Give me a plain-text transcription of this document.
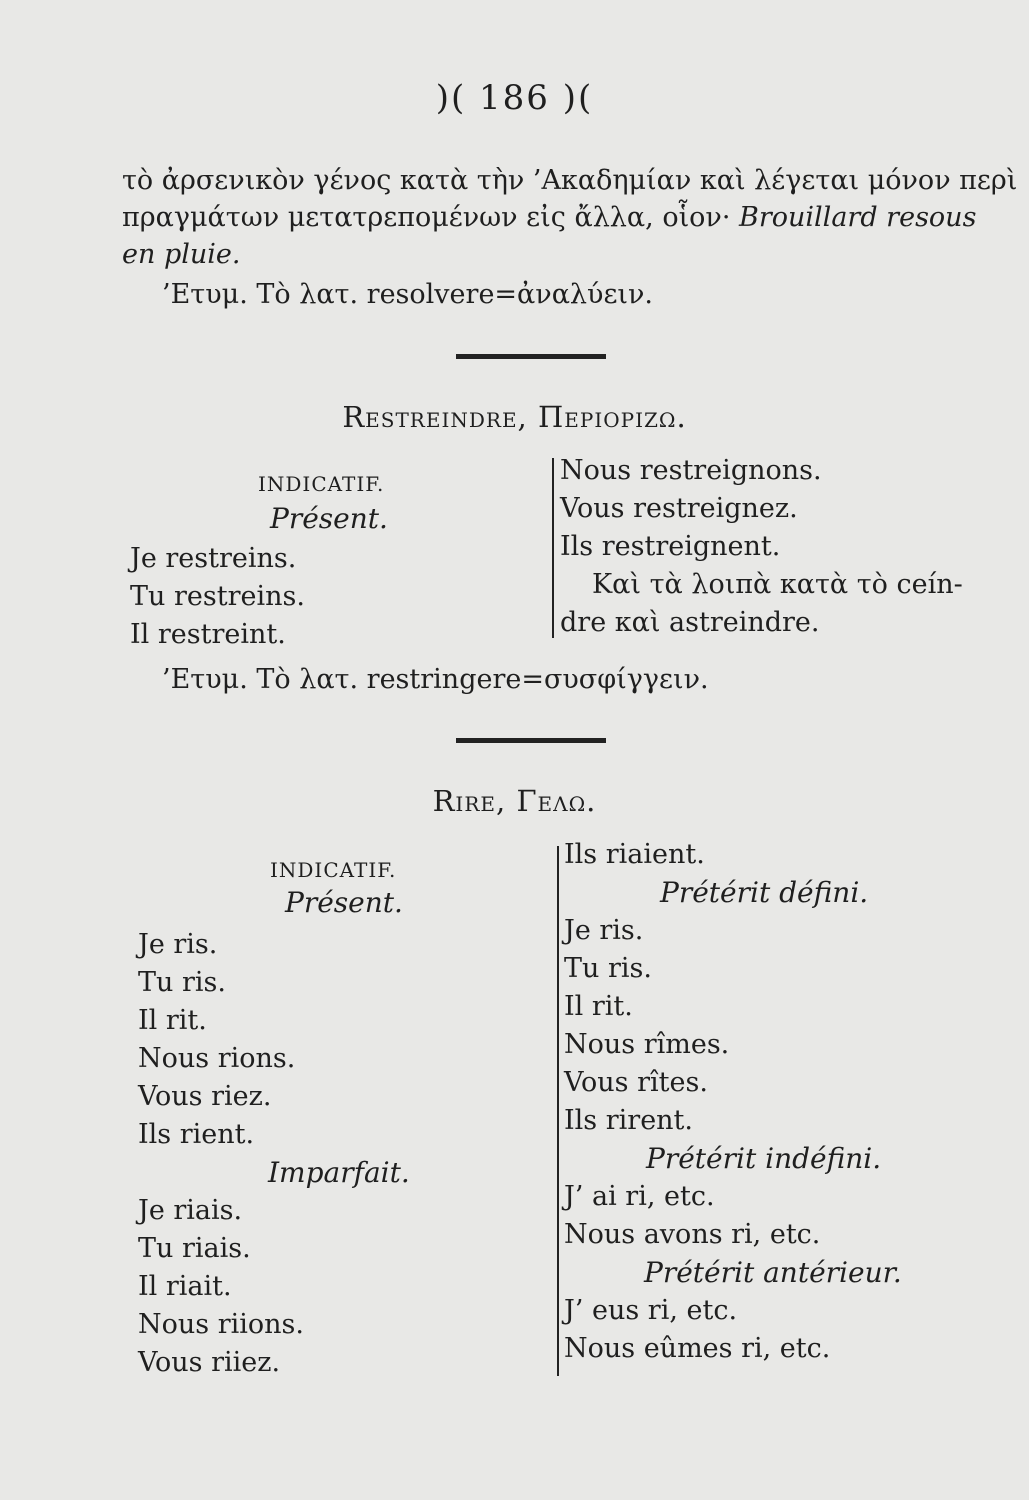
)( 186 )(
τὸ ἀρσενικὸν γένος κατὰ τὴν ’Ακαδημίαν καὶ λέγεται μόνον περὶ
πραγμάτων μετατρεπομένων εἰς ἄλλα, οἷον· Brouillard resous
en pluie.
’Ετυμ. Τὸ λατ. resolvere=ἀναλύειν.
Restreindre, Περιοριζω.
INDICATIF.
Présent.
Je restreins.
Tu restreins.
Il restreint.
Nous restreignons.
Vous restreignez.
Ils restreignent.
Καὶ τὰ λοιπὰ κατὰ τὸ ceín-
dre καὶ astreindre.
’Ετυμ. Τὸ λατ. restringere=συσφίγγειν.
Rire, Γελω.
INDICATIF.
Présent.
Je ris.
Tu ris.
Il rit.
Nous rions.
Vous riez.
Ils rient.
Imparfait.
Je riais.
Tu riais.
Il riait.
Nous riions.
Vous riiez.
Ils riaient.
Prétérit défini.
Je ris.
Tu ris.
Il rit.
Nous rîmes.
Vous rîtes.
Ils rirent.
Prétérit indéfini.
J’ ai ri, etc.
Nous avons ri, etc.
Prétérit antérieur.
J’ eus ri, etc.
Nous eûmes ri, etc.
